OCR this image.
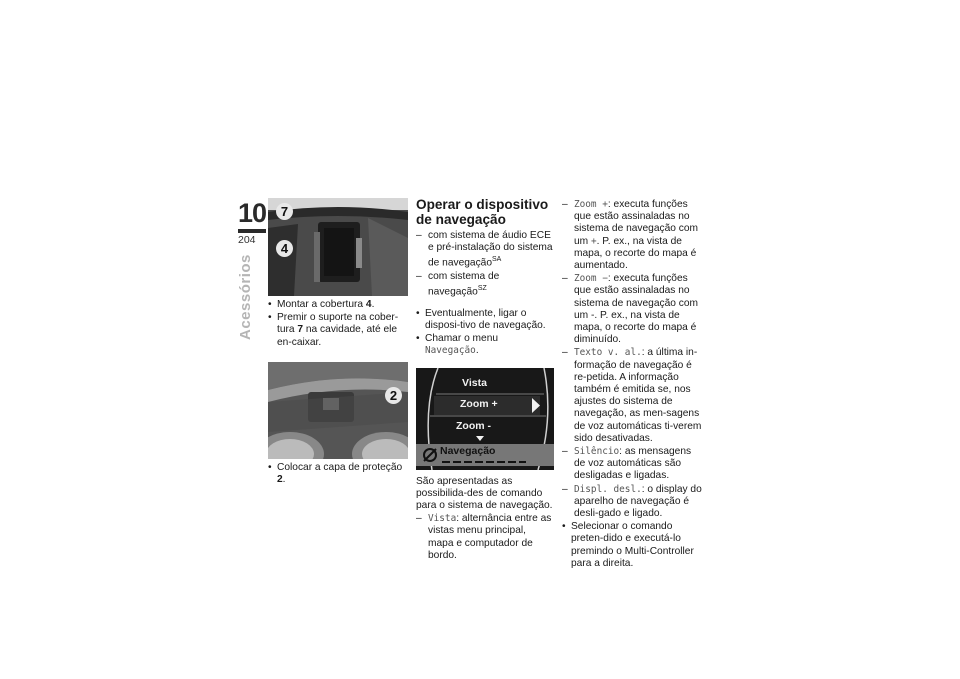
10
204
Acessórios
7
4
• Montar a cobertura 4.
• Premir o suporte na cober-tura 7 na cavidade, até ele en-caixar.
2
• Colocar a capa de proteção 2.
Operar o dispositivo de navegação
– com sistema de áudio ECE e pré-instalação do sistema de navegação$^{SA}$
– com sistema de navegação$^{SZ}$
• Eventualmente, ligar o disposi-tivo de navegação.
• Chamar o menu Navegação.
Vista
Zoom +
Zoom -
Navegação
São apresentadas as possibilida-des de comando para o sistema de navegação.
– Vista: alternância entre as vistas menu principal, mapa e computador de bordo.
– Zoom +: executa funções que estão assinaladas no sistema de navegação com um +. P. ex., na vista de mapa, o recorte do mapa é aumentado.
– Zoom −: executa funções que estão assinaladas no sistema de navegação com um -. P. ex., na vista de mapa, o recorte do mapa é diminuído.
– Texto v. al.: a última in-formação de navegação é re-petida. A informação também é emitida se, nos ajustes do sistema de navegação, as men-sagens de voz automáticas ti-verem sido desativadas.
– Silêncio: as mensagens de voz automáticas são desligadas e ligadas.
– Displ. desl.: o display do aparelho de navegação é desli-gado e ligado.
• Selecionar o comando preten-dido e executá-lo premindo o Multi-Controller para a direita.
